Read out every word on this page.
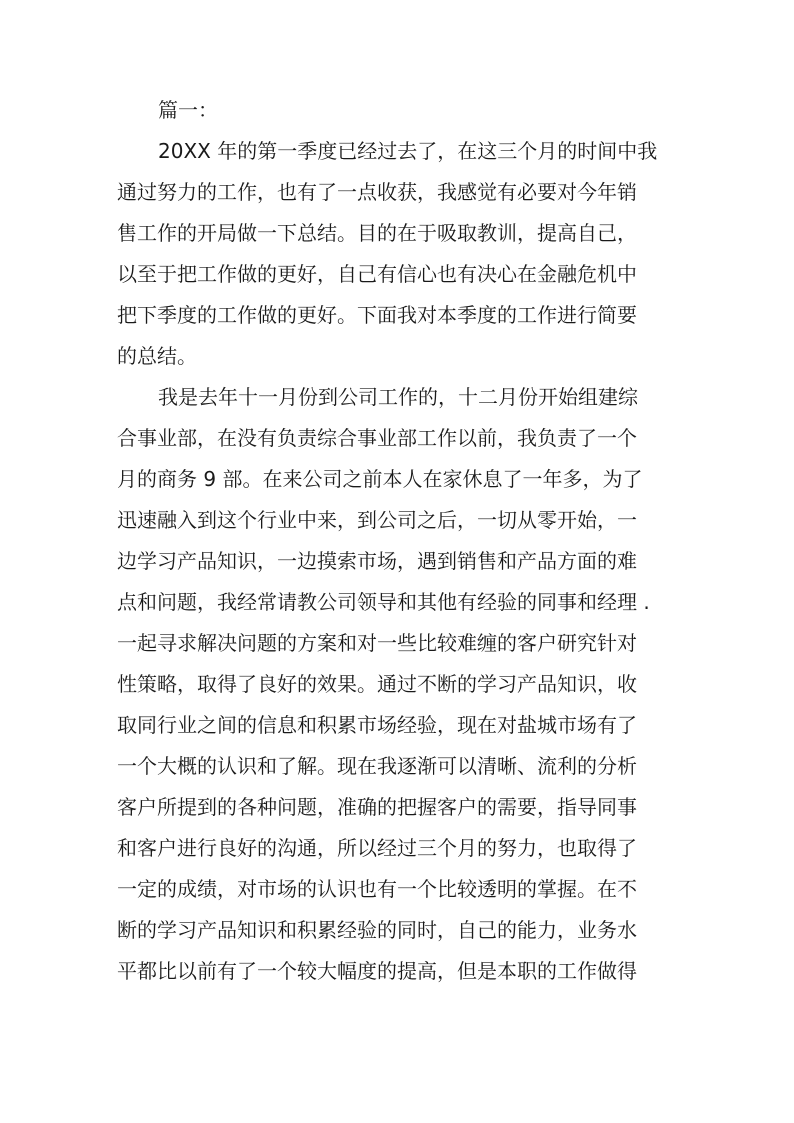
篇一：

20XX 年的第一季度已经过去了，在这三个月的时间中我

通过努力的工作，也有了一点收获，我感觉有必要对今年销

售工作的开局做一下总结。目的在于吸取教训，提高自己，

以至于把工作做的更好，自己有信心也有决心在金融危机中

把下季度的工作做的更好。下面我对本季度的工作进行简要

的总结。

我是去年十一月份到公司工作的，十二月份开始组建综

合事业部，在没有负责综合事业部工作以前，我负责了一个

月的商务 9 部。在来公司之前本人在家休息了一年多，为了

迅速融入到这个行业中来，到公司之后，一切从零开始，一

边学习产品知识，一边摸索市场，遇到销售和产品方面的难

点和问题，我经常请教公司领导和其他有经验的同事和经理 .

一起寻求解决问题的方案和对一些比较难缠的客户研究针对

性策略，取得了良好的效果。通过不断的学习产品知识，收

取同行业之间的信息和积累市场经验，现在对盐城市场有了

一个大概的认识和了解。现在我逐渐可以清晰、流利的分析

客户所提到的各种问题，准确的把握客户的需要，指导同事

和客户进行良好的沟通，所以经过三个月的努力，也取得了

一定的成绩，对市场的认识也有一个比较透明的掌握。在不

断的学习产品知识和积累经验的同时，自己的能力，业务水

平都比以前有了一个较大幅度的提高，但是本职的工作做得
